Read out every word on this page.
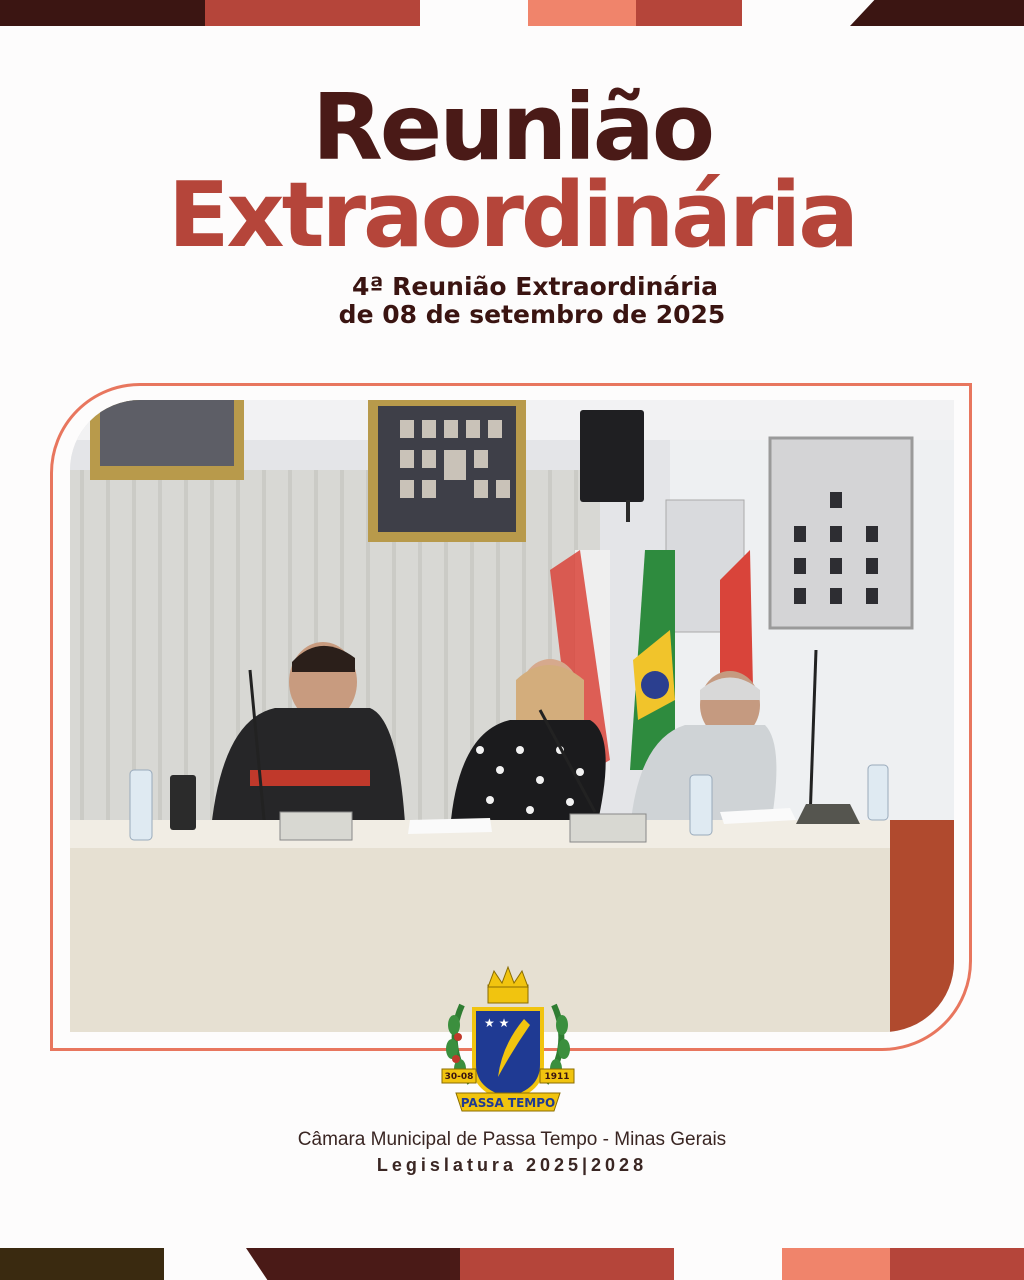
Reunião
Extraordinária
4ª Reunião Extraordinária
de 08 de setembro de 2025
★ ★
30-08	1911
PASSA TEMPO
Câmara Municipal de Passa Tempo - Minas Gerais
Legislatura 2025|2028
